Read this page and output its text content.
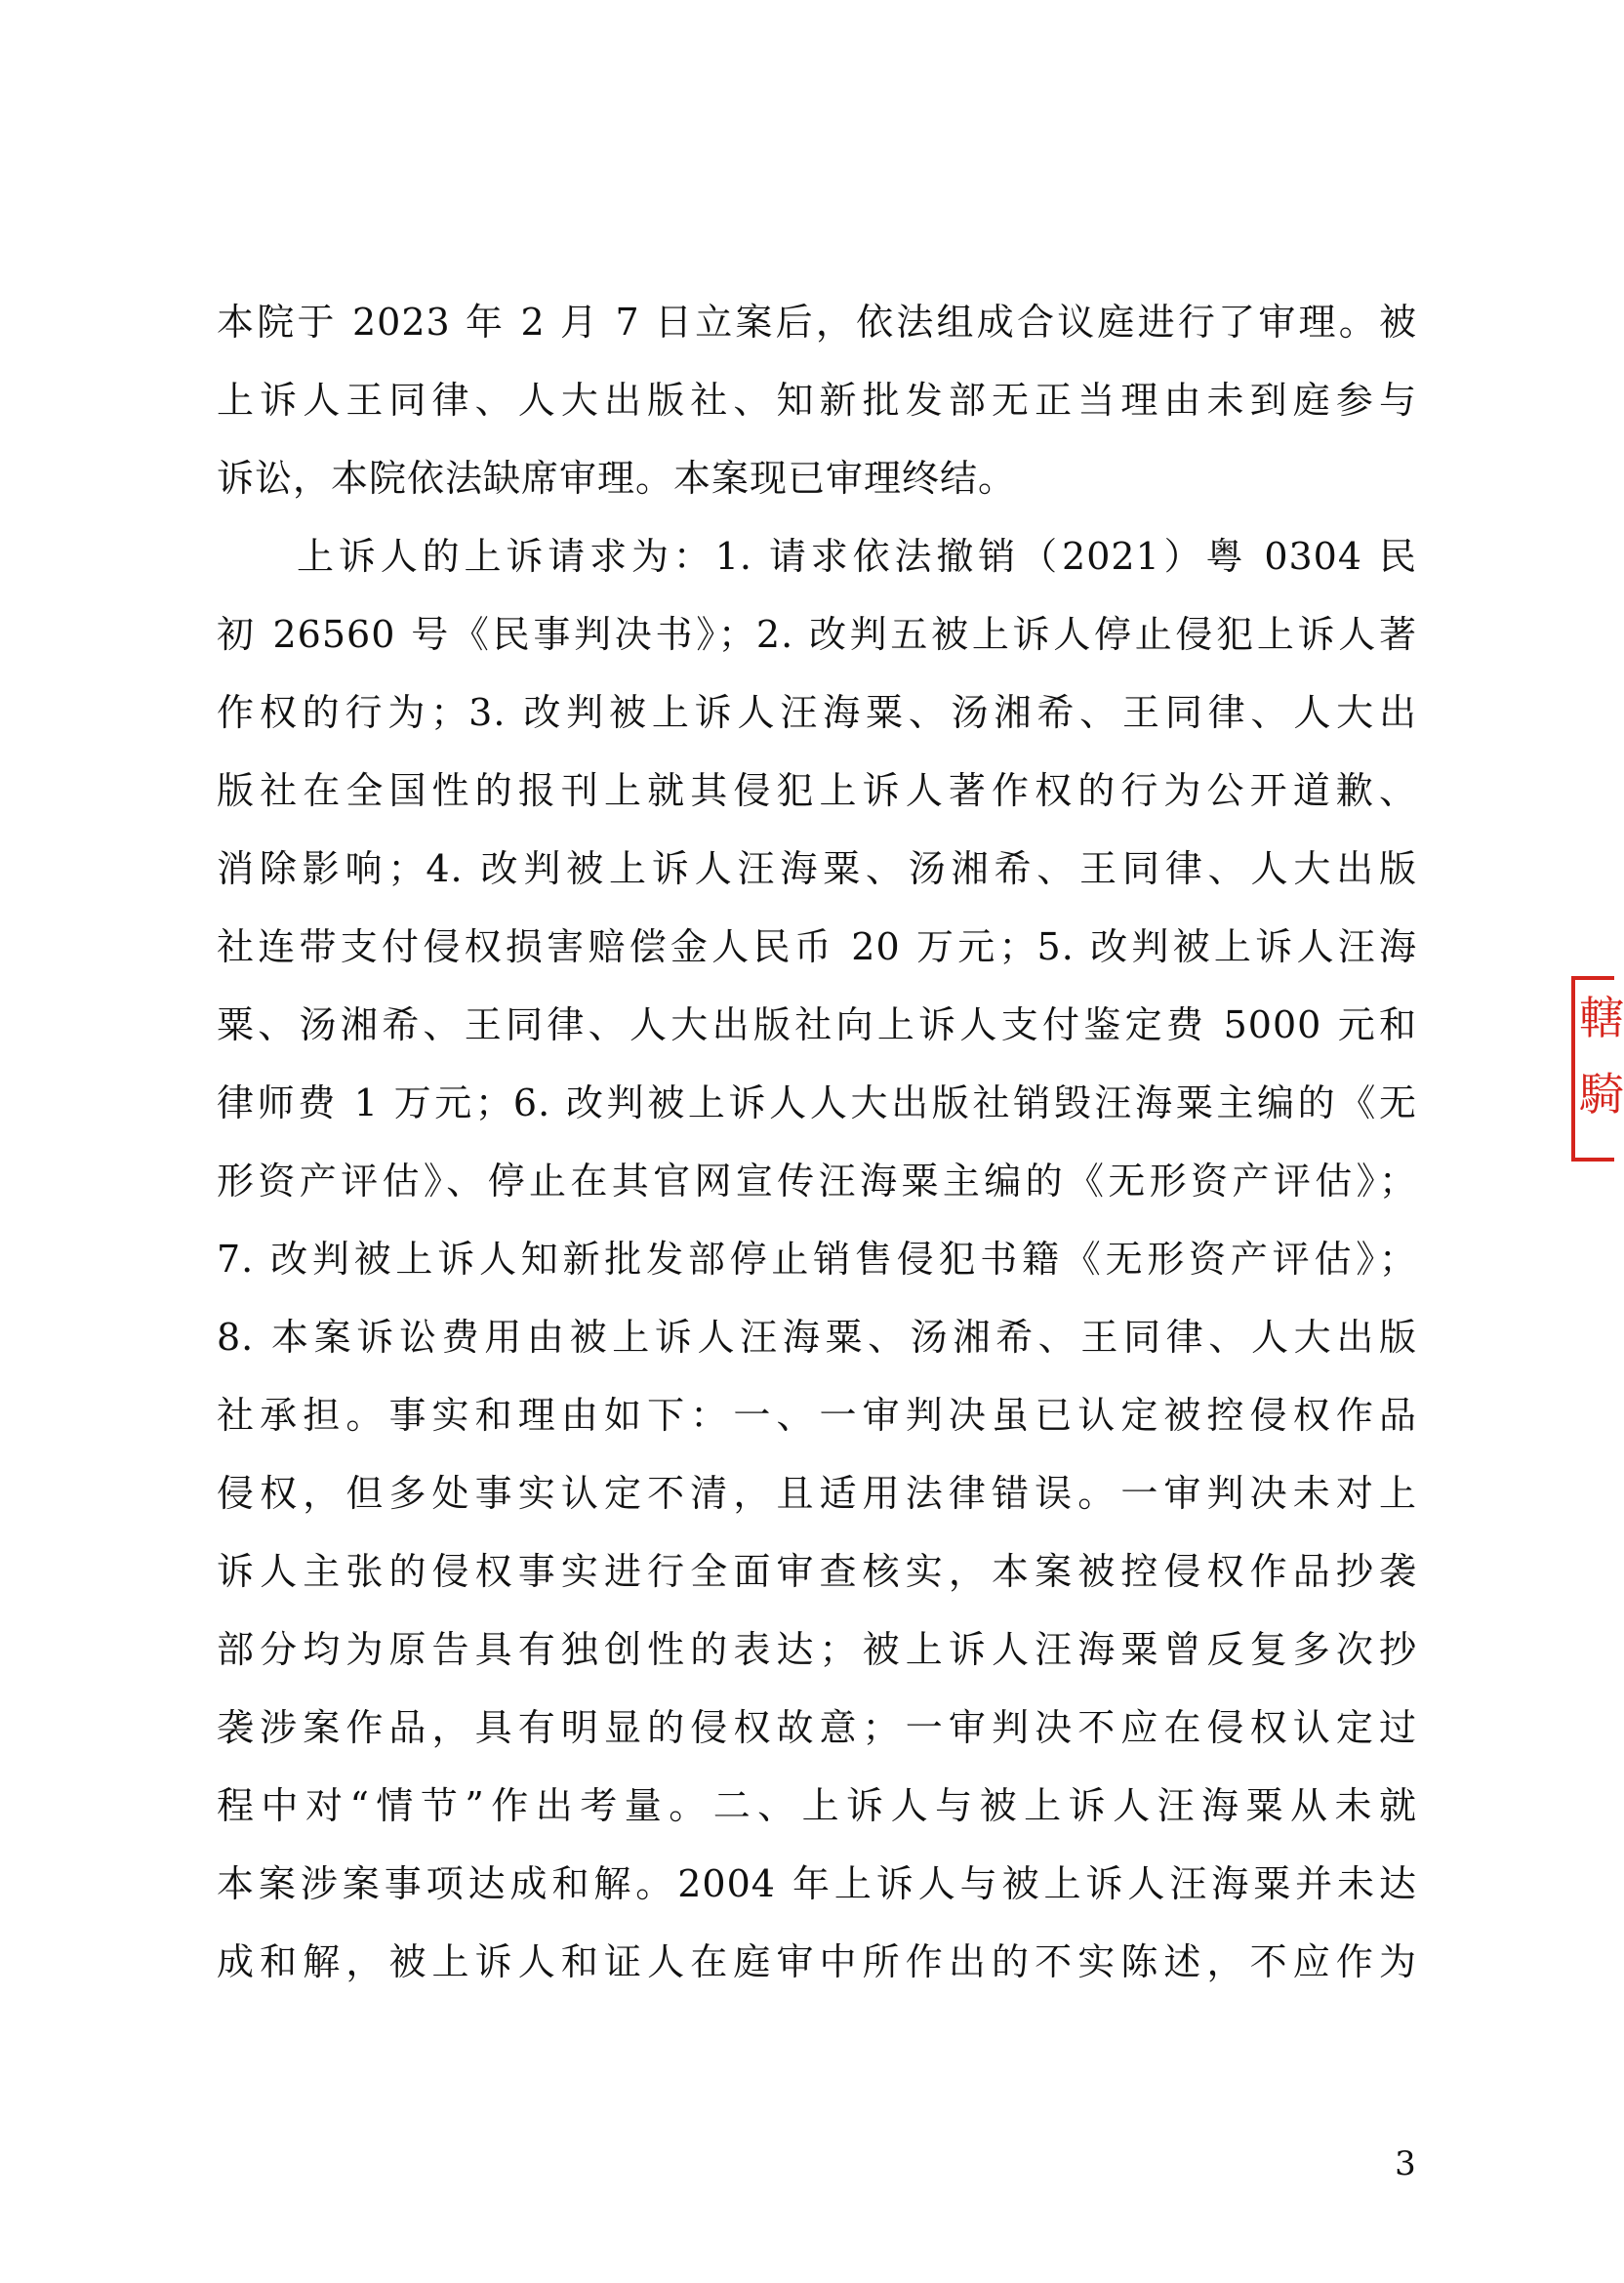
本院于 2023 年 2 月 7 日立案后，依法组成合议庭进行了审理。被
上诉人王同律、人大出版社、知新批发部无正当理由未到庭参与
诉讼，本院依法缺席审理。本案现已审理终结。
上诉人的上诉请求为：1. 请求依法撤销（2021）粤 0304 民
初 26560 号《民事判决书》；2. 改判五被上诉人停止侵犯上诉人著
作权的行为；3. 改判被上诉人汪海粟、汤湘希、王同律、人大出
版社在全国性的报刊上就其侵犯上诉人著作权的行为公开道歉、
消除影响；4. 改判被上诉人汪海粟、汤湘希、王同律、人大出版
社连带支付侵权损害赔偿金人民币 20 万元；5. 改判被上诉人汪海
粟、汤湘希、王同律、人大出版社向上诉人支付鉴定费 5000 元和
律师费 1 万元；6. 改判被上诉人人大出版社销毁汪海粟主编的《无
形资产评估》、停止在其官网宣传汪海粟主编的《无形资产评估》；
7. 改判被上诉人知新批发部停止销售侵犯书籍《无形资产评估》；
8. 本案诉讼费用由被上诉人汪海粟、汤湘希、王同律、人大出版
社承担。事实和理由如下：一、一审判决虽已认定被控侵权作品
侵权，但多处事实认定不清，且适用法律错误。一审判决未对上
诉人主张的侵权事实进行全面审查核实，本案被控侵权作品抄袭
部分均为原告具有独创性的表达；被上诉人汪海粟曾反复多次抄
袭涉案作品，具有明显的侵权故意；一审判决不应在侵权认定过
程中对“情节”作出考量。二、上诉人与被上诉人汪海粟从未就
本案涉案事项达成和解。2004 年上诉人与被上诉人汪海粟并未达
成和解，被上诉人和证人在庭审中所作出的不实陈述，不应作为
轄騎
3
